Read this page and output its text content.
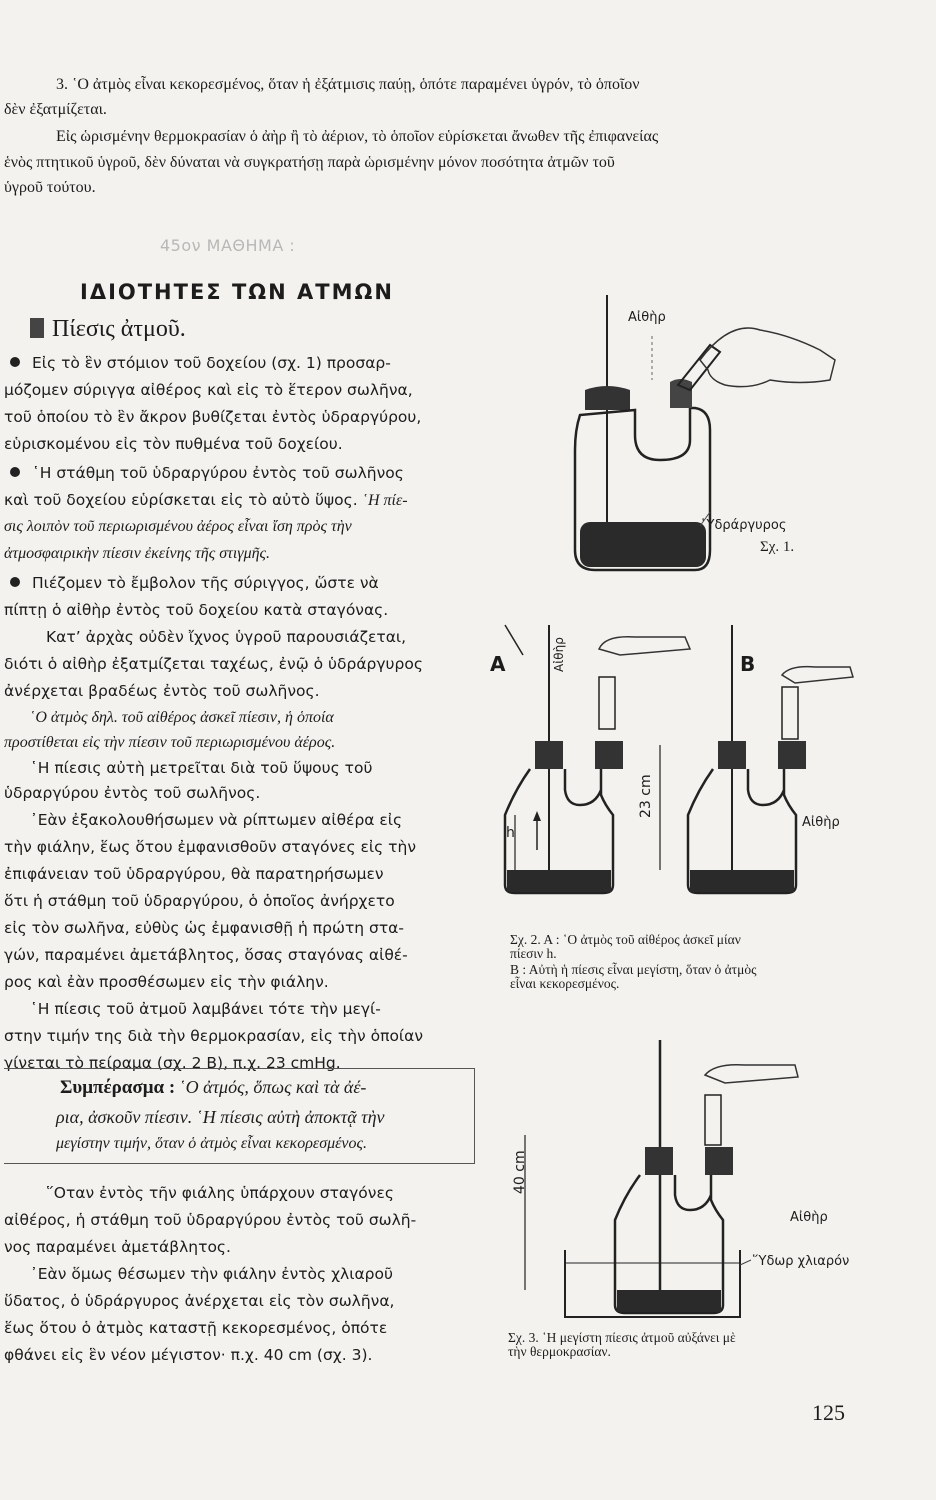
3. ῾Ο ἀτμὸς εἶναι κεκορεσμένος, ὅταν ἡ ἐξάτμισις παύῃ, ὁπότε παραμένει ὑγρόν, τὸ ὁποῖον
δὲν ἐξατμίζεται.
Εἰς ὡρισμένην θερμοκρασίαν ὁ ἀὴρ ἢ τὸ ἀέριον, τὸ ὁποῖον εὑρίσκεται ἄνωθεν τῆς ἐπιφανείας
ἑνὸς πτητικοῦ ὑγροῦ, δὲν δύναται νὰ συγκρατήσῃ παρὰ ὡρισμένην μόνον ποσότητα ἀτμῶν τοῦ
ὑγροῦ τούτου.
45ον ΜΑΘΗΜΑ :
ΙΔΙΟΤΗΤΕΣ ΤΩΝ ΑΤΜΩΝ
Πίεσις ἀτμοῦ.
Εἰς τὸ ἓν στόμιον τοῦ δοχείου (σχ. 1) προσαρ-
μόζομεν σύριγγα αἰθέρος καὶ εἰς τὸ ἕτερον σωλῆνα,
τοῦ ὁποίου τὸ ἓν ἄκρον βυθίζεται ἐντὸς ὑδραργύρου,
εὑρισκομένου εἰς τὸν πυθμένα τοῦ δοχείου.
῾Η στάθμη τοῦ ὑδραργύρου ἐντὸς τοῦ σωλῆνος
καὶ τοῦ δοχείου εὑρίσκεται εἰς τὸ αὐτὸ ὕψος. ῾Η πίε-
σις λοιπὸν τοῦ περιωρισμένου ἀέρος εἶναι ἴση πρὸς τὴν
ἀτμοσφαιρικὴν πίεσιν ἐκείνης τῆς στιγμῆς.
Πιέζομεν τὸ ἔμβολον τῆς σύριγγος, ὥστε νὰ
πίπτῃ ὁ αἰθὴρ ἐντὸς τοῦ δοχείου κατὰ σταγόνας.
Κατ’ ἀρχὰς οὐδὲν ἴχνος ὑγροῦ παρουσιάζεται,
διότι ὁ αἰθὴρ ἐξατμίζεται ταχέως, ἐνῷ ὁ ὑδράργυρος
ἀνέρχεται βραδέως ἐντὸς τοῦ σωλῆνος.
῾Ο ἀτμὸς δηλ. τοῦ αἰθέρος ἀσκεῖ πίεσιν, ἡ ὁποία
προστίθεται εἰς τὴν πίεσιν τοῦ περιωρισμένου ἀέρος.
῾Η πίεσις αὐτὴ μετρεῖται διὰ τοῦ ὕψους τοῦ
ὑδραργύρου ἐντὸς τοῦ σωλῆνος.
᾿Εὰν ἐξακολουθήσωμεν νὰ ρίπτωμεν αἰθέρα εἰς
τὴν φιάλην, ἕως ὅτου ἐμφανισθοῦν σταγόνες εἰς τὴν
ἐπιφάνειαν τοῦ ὑδραργύρου, θὰ παρατηρήσωμεν
ὅτι ἡ στάθμη τοῦ ὑδραργύρου, ὁ ὁποῖος ἀνήρχετο
εἰς τὸν σωλῆνα, εὐθὺς ὡς ἐμφανισθῇ ἡ πρώτη στα-
γών, παραμένει ἀμετάβλητος, ὅσας σταγόνας αἰθέ-
ρος καὶ ἐὰν προσθέσωμεν εἰς τὴν φιάλην.
῾Η πίεσις τοῦ ἀτμοῦ λαμβάνει τότε τὴν μεγί-
στην τιμήν της διὰ τὴν θερμοκρασίαν, εἰς τὴν ὁποίαν
γίνεται τὸ πείραμα (σχ. 2 Β), π.χ. 23 cmHg.
Συμπέρασμα : ῾Ο ἀτμός, ὅπως καὶ τὰ ἀέ-
ρια, ἀσκοῦν πίεσιν. ῾Η πίεσις αὐτὴ ἀποκτᾷ τὴν
μεγίστην τιμήν, ὅταν ὁ ἀτμὸς εἶναι κεκορεσμένος.
῞Οταν ἐντὸς τῆν φιάλης ὑπάρχουν σταγόνες
αἰθέρος, ἡ στάθμη τοῦ ὑδραργύρου ἐντὸς τοῦ σωλῆ-
νος παραμένει ἀμετάβλητος.
᾿Εὰν ὅμως θέσωμεν τὴν φιάλην ἐντὸς χλιαροῦ
ὕδατος, ὁ ὑδράργυρος ἀνέρχεται εἰς τὸν σωλῆνα,
ἕως ὅτου ὁ ἀτμὸς καταστῇ κεκορεσμένος, ὁπότε
φθάνει εἰς ἓν νέον μέγιστον· π.χ. 40 cm (σχ. 3).
Αἰθὴρ
῾Υδράργυρος
Σχ. 1.
A	B
Αἰθὴρ
h
23 cm
Αἰθὴρ
Σχ. 2. Α : ῾Ο ἀτμὸς τοῦ αἰθέρος ἀσκεῖ μίαν
πίεσιν h.
Β : Αὐτὴ ἡ πίεσις εἶναι μεγίστη, ὅταν ὁ ἀτμὸς
εἶναι κεκορεσμένος.
40 cm
Αἰθὴρ
῞Υδωρ χλιαρόν
Σχ. 3. ῾Η μεγίστη πίεσις ἀτμοῦ αὐξάνει μὲ
τὴν θερμοκρασίαν.
125
